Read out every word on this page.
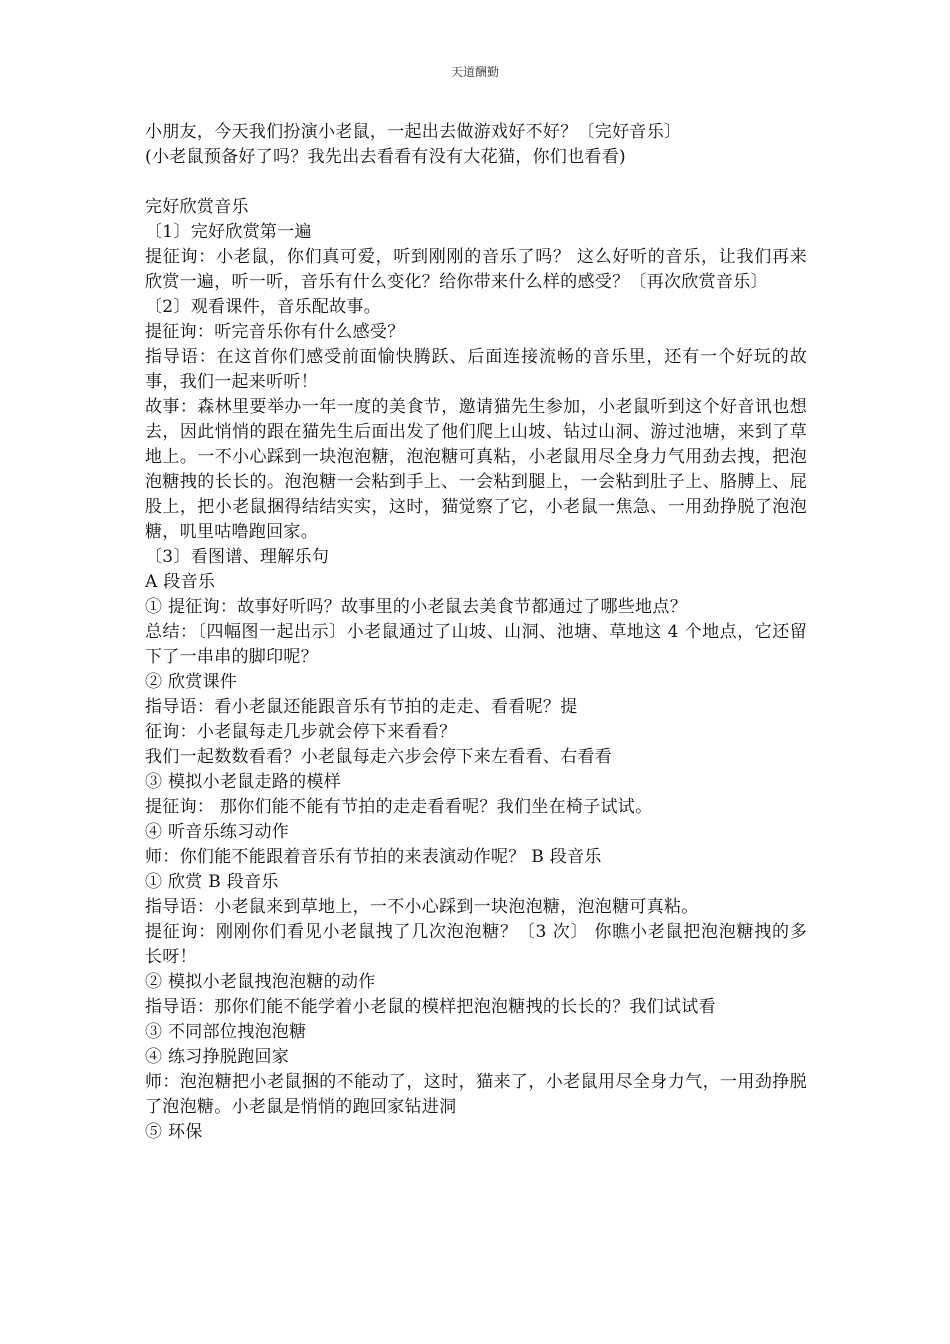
天道酬勤

小朋友，今天我们扮演小老鼠，一起出去做游戏好不好？〔完好音乐〕

(小老鼠预备好了吗？我先出去看看有没有大花猫，你们也看看)

完好欣赏音乐

〔1〕完好欣赏第一遍

提征询：小老鼠，你们真可爱，听到刚刚的音乐了吗？ 这么好听的音乐，让我们再来欣赏一遍，听一听，音乐有什么变化？给你带来什么样的感受？〔再次欣赏音乐〕

〔2〕观看课件，音乐配故事。

提征询：听完音乐你有什么感受？

指导语：在这首你们感受前面愉快腾跃、后面连接流畅的音乐里，还有一个好玩的故事，我们一起来听听！

故事：森林里要举办一年一度的美食节，邀请猫先生参加，小老鼠听到这个好音讯也想去，因此悄悄的跟在猫先生后面出发了他们爬上山坡、钻过山洞、游过池塘，来到了草地上。一不小心踩到一块泡泡糖，泡泡糖可真粘，小老鼠用尽全身力气用劲去拽，把泡泡糖拽的长长的。泡泡糖一会粘到手上、一会粘到腿上，一会粘到肚子上、胳膊上、屁股上，把小老鼠捆得结结实实，这时，猫觉察了它，小老鼠一焦急、一用劲挣脱了泡泡糖，叽里咕噜跑回家。

〔3〕看图谱、理解乐句

A 段音乐

① 提征询：故事好听吗？故事里的小老鼠去美食节都通过了哪些地点？

总结：〔四幅图一起出示〕小老鼠通过了山坡、山洞、池塘、草地这 4 个地点，它还留下了一串串的脚印呢？

② 欣赏课件

指导语：看小老鼠还能跟音乐有节拍的走走、看看呢？提

征询：小老鼠每走几步就会停下来看看？

我们一起数数看看？小老鼠每走六步会停下来左看看、右看看

③ 模拟小老鼠走路的模样

提征询： 那你们能不能有节拍的走走看看呢？我们坐在椅子试试。

④ 听音乐练习动作

师：你们能不能跟着音乐有节拍的来表演动作呢？ B 段音乐

① 欣赏 B 段音乐

指导语：小老鼠来到草地上，一不小心踩到一块泡泡糖，泡泡糖可真粘。

提征询：刚刚你们看见小老鼠拽了几次泡泡糖？〔3 次〕 你瞧小老鼠把泡泡糖拽的多长呀！

② 模拟小老鼠拽泡泡糖的动作

指导语：那你们能不能学着小老鼠的模样把泡泡糖拽的长长的？我们试试看

③ 不同部位拽泡泡糖

④ 练习挣脱跑回家

师：泡泡糖把小老鼠捆的不能动了，这时，猫来了，小老鼠用尽全身力气，一用劲挣脱了泡泡糖。小老鼠是悄悄的跑回家钻进洞

⑤ 环保
